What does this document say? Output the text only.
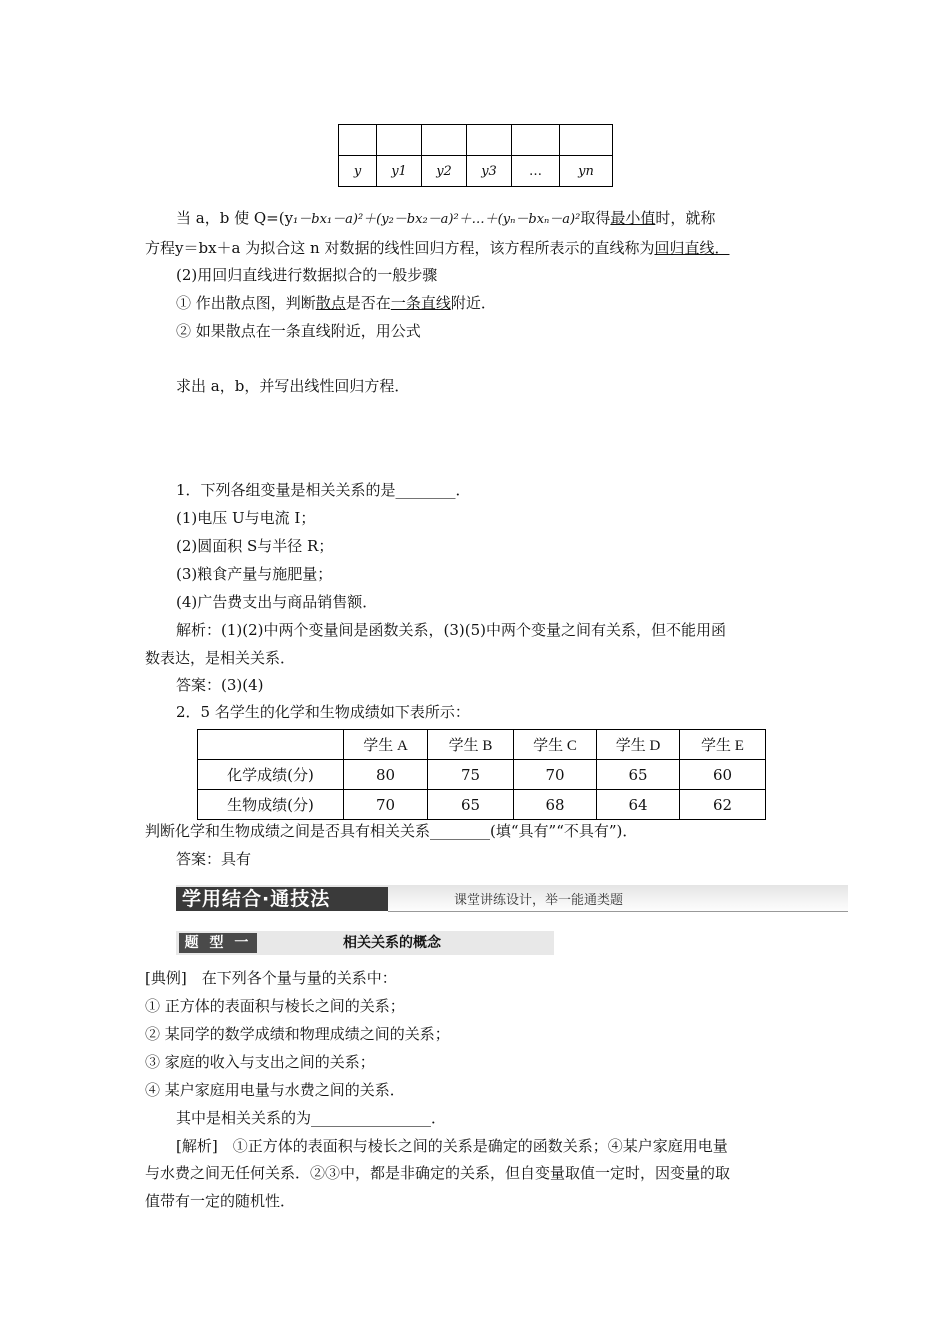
y	y1	y2	y3	…	yn
当 a，b 使 Q=(y₁－bx₁－a)²＋(y₂－bx₂－a)²＋…＋(yₙ－bxₙ－a)²取得最小值时，就称
方程y＝bx＋a 为拟合这 n 对数据的线性回归方程，该方程所表示的直线称为回归直线．
(2)用回归直线进行数据拟合的一般步骤
① 作出散点图，判断散点是否在一条直线附近．
② 如果散点在一条直线附近，用公式
求出 a，b，并写出线性回归方程．
1．下列各组变量是相关关系的是________．
(1)电压 U与电流 I；
(2)圆面积 S与半径 R；
(3)粮食产量与施肥量；
(4)广告费支出与商品销售额．
解析：(1)(2)中两个变量间是函数关系，(3)(5)中两个变量之间有关系，但不能用函
数表达，是相关关系．
答案：(3)(4)
2．5 名学生的化学和生物成绩如下表所示：
	学生 A	学生 B	学生 C	学生 D	学生 E
化学成绩(分)	80	75	70	65	60
生物成绩(分)	70	65	68	64	62
判断化学和生物成绩之间是否具有相关关系________(填“具有”“不具有”)．
答案：具有
学用结合·通技法	课堂讲练设计，举一能通类题
题 型 一	相关关系的概念
[典例]　在下列各个量与量的关系中：
① 正方体的表面积与棱长之间的关系；
② 某同学的数学成绩和物理成绩之间的关系；
③ 家庭的收入与支出之间的关系；
④ 某户家庭用电量与水费之间的关系．
其中是相关关系的为________________．
[解析]　①正方体的表面积与棱长之间的关系是确定的函数关系；④某户家庭用电量
与水费之间无任何关系．②③中，都是非确定的关系，但自变量取值一定时，因变量的取
值带有一定的随机性．
